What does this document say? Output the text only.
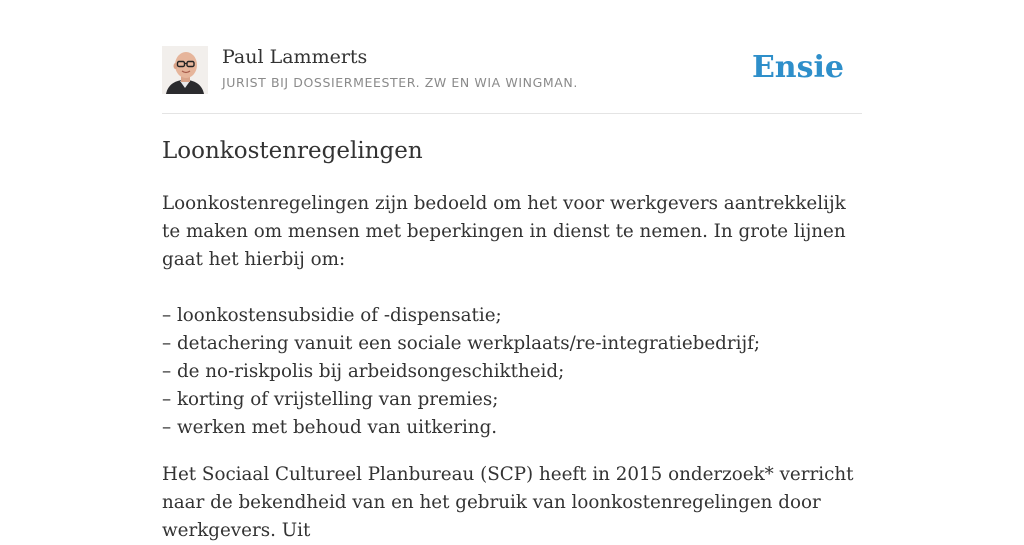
Paul Lammerts
JURIST BIJ DOSSIERMEESTER. ZW EN WIA WINGMAN.	Ensie
Loonkostenregelingen

Loonkostenregelingen zijn bedoeld om het voor werkgevers aantrekkelijk te maken om mensen met beperkingen in dienst te nemen. In grote lijnen gaat het hierbij om:

– loonkostensubsidie of -dispensatie;
– detachering vanuit een sociale werkplaats/re-integratiebedrijf;
– de no-riskpolis bij arbeidsongeschiktheid;
– korting of vrijstelling van premies;
– werken met behoud van uitkering.

Het Sociaal Cultureel Planbureau (SCP) heeft in 2015 onderzoek* verricht naar de bekendheid van en het gebruik van loonkostenregelingen door werkgevers. Uit
